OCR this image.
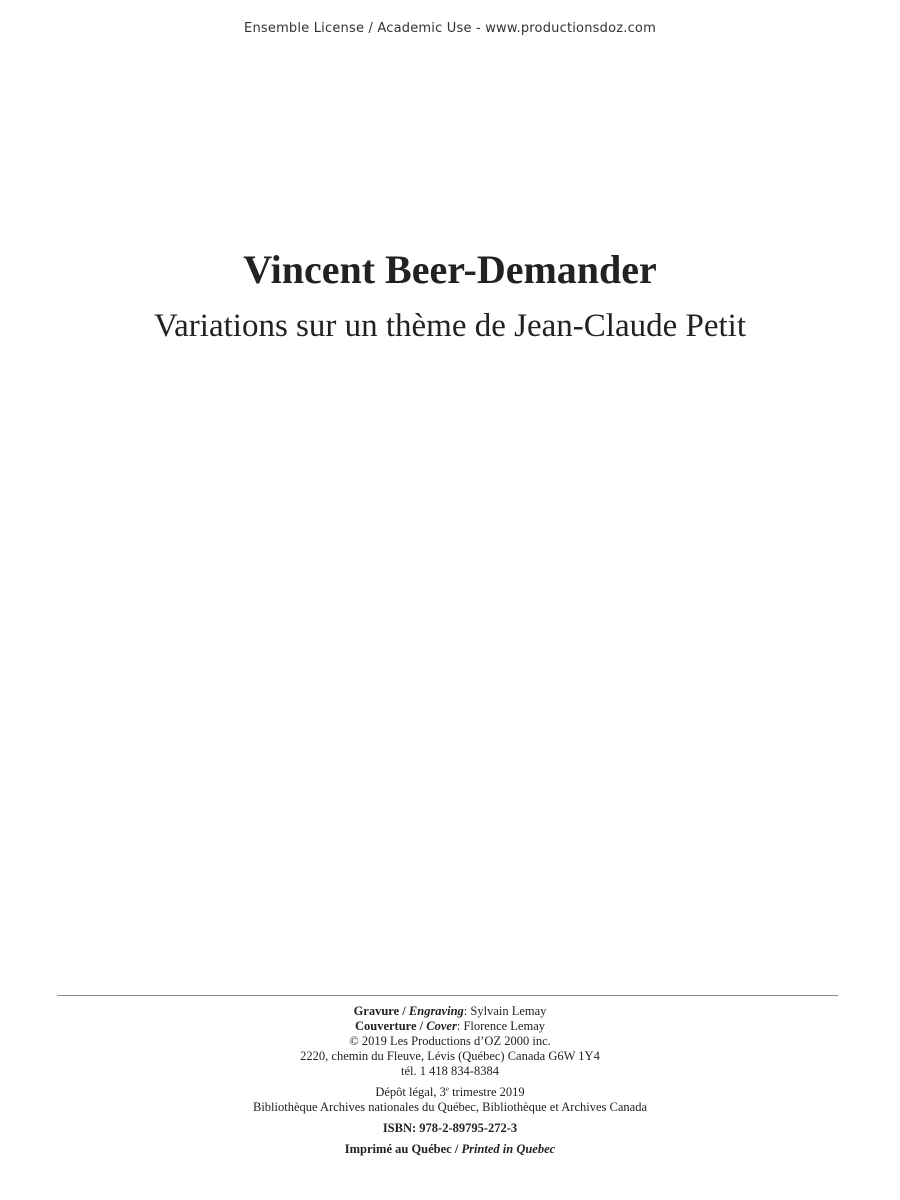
Ensemble License / Academic Use - www.productionsdoz.com
Vincent Beer-Demander
Variations sur un thème de Jean-Claude Petit
Gravure / Engraving: Sylvain Lemay
Couverture / Cover: Florence Lemay
© 2019 Les Productions d’OZ 2000 inc.
2220, chemin du Fleuve, Lévis (Québec) Canada G6W 1Y4
tél. 1 418 834-8384
Dépôt légal, 3e trimestre 2019
Bibliothèque Archives nationales du Québec, Bibliothèque et Archives Canada
ISBN: 978-2-89795-272-3
Imprimé au Québec / Printed in Quebec
